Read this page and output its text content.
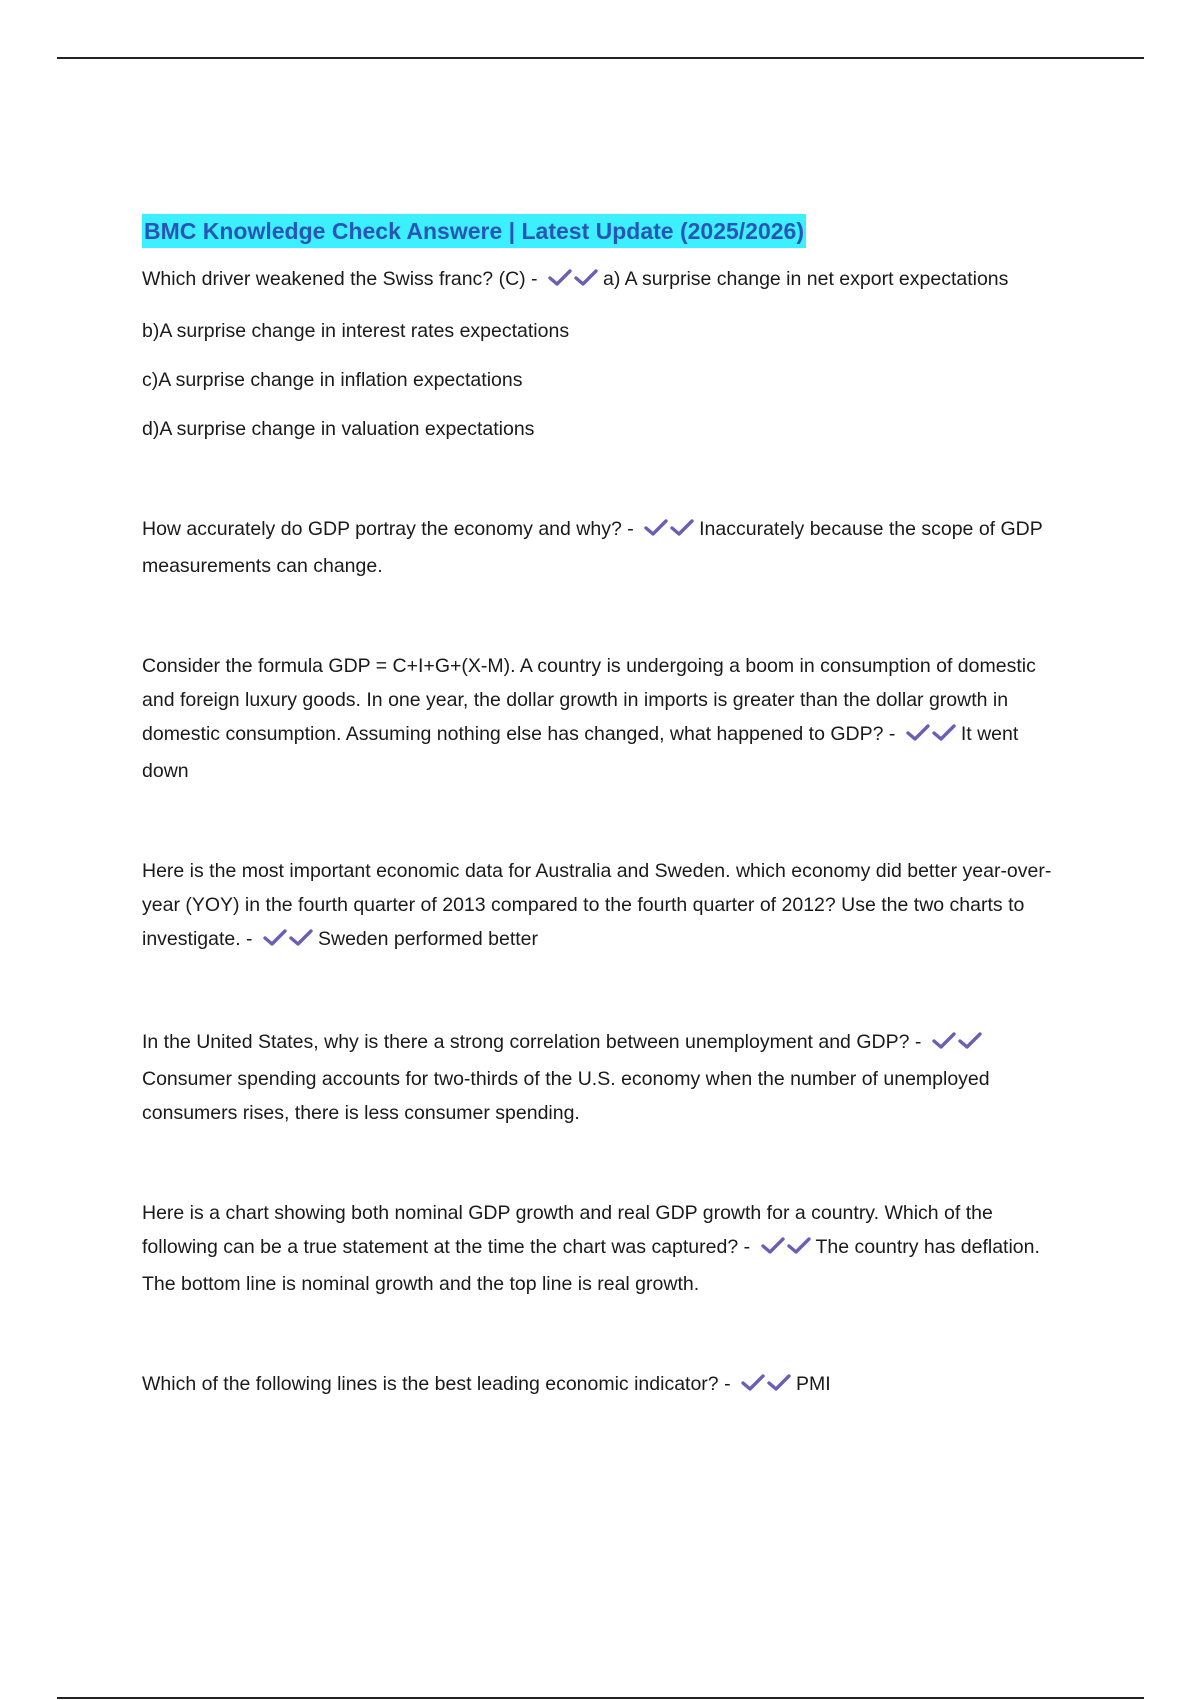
BMC Knowledge Check Answere | Latest Update (2025/2026)

Which driver weakened the Swiss franc? (C) -	a) A surprise change in net export expectations

b)A surprise change in interest rates expectations

c)A surprise change in inflation expectations

d)A surprise change in valuation expectations

How accurately do GDP portray the economy and why? -	Inaccurately because the scope of GDP measurements can change.

Consider the formula GDP = C+I+G+(X-M). A country is undergoing a boom in consumption of domestic and foreign luxury goods. In one year, the dollar growth in imports is greater than the dollar growth in domestic consumption. Assuming nothing else has changed, what happened to GDP? -	It went down

Here is the most important economic data for Australia and Sweden. which economy did better year-over-year (YOY) in the fourth quarter of 2013 compared to the fourth quarter of 2012? Use the two charts to investigate. -	Sweden performed better

In the United States, why is there a strong correlation between unemployment and GDP? -
Consumer spending accounts for two-thirds of the U.S. economy when the number of unemployed consumers rises, there is less consumer spending.

Here is a chart showing both nominal GDP growth and real GDP growth for a country. Which of the following can be a true statement at the time the chart was captured? -	The country has deflation. The bottom line is nominal growth and the top line is real growth.

Which of the following lines is the best leading economic indicator? -	PMI
